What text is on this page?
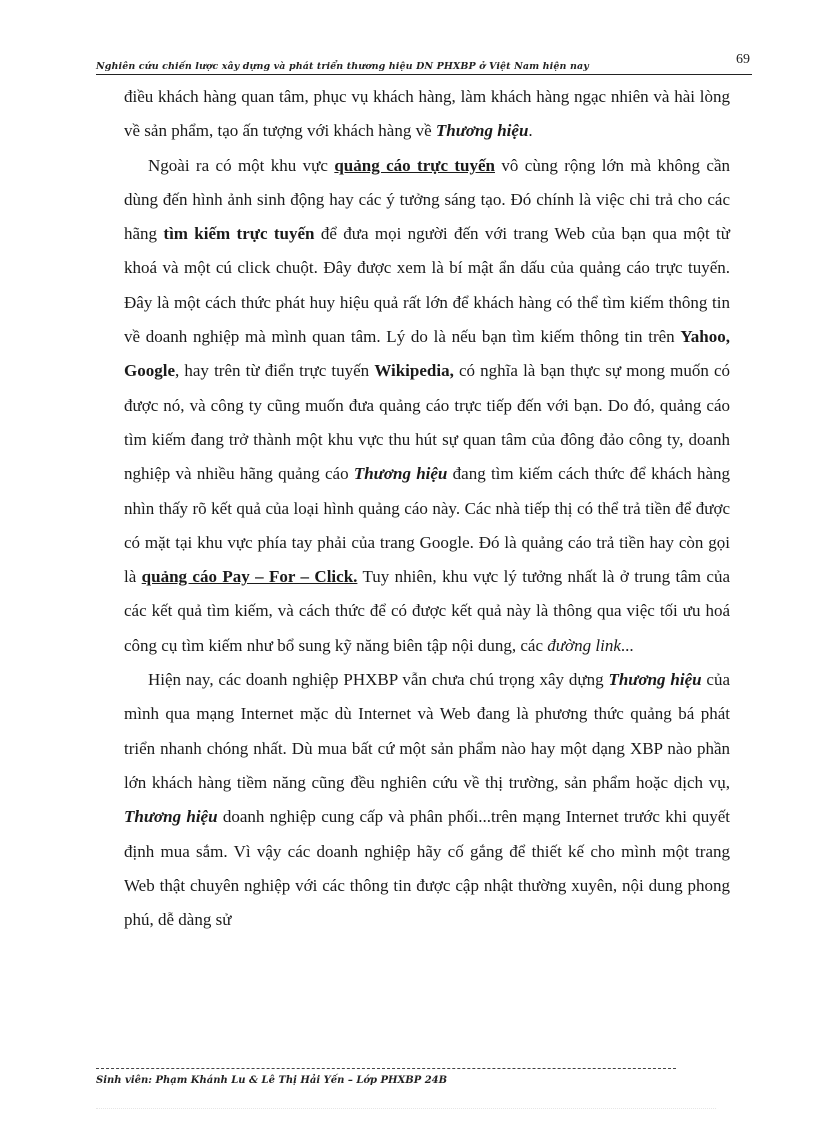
Nghiên cứu chiến lược xây dựng và phát triển thương hiệu DN PHXBP ở Việt Nam hiện nay	69

điều khách hàng quan tâm, phục vụ khách hàng, làm khách hàng ngạc nhiên và hài lòng về sản phẩm, tạo ấn tượng với khách hàng về Thương hiệu.

Ngoài ra có một khu vực quảng cáo trực tuyến vô cùng rộng lớn mà không cần dùng đến hình ảnh sinh động hay các ý tưởng sáng tạo. Đó chính là việc chi trả cho các hãng tìm kiếm trực tuyến để đưa mọi người đến với trang Web của bạn qua một từ khoá và một cú click chuột. Đây được xem là bí mật ẩn dấu của quảng cáo trực tuyến. Đây là một cách thức phát huy hiệu quả rất lớn để khách hàng có thể tìm kiếm thông tin về doanh nghiệp mà mình quan tâm. Lý do là nếu bạn tìm kiếm thông tin trên Yahoo, Google, hay trên từ điển trực tuyến Wikipedia, có nghĩa là bạn thực sự mong muốn có được nó, và công ty cũng muốn đưa quảng cáo trực tiếp đến với bạn. Do đó, quảng cáo tìm kiếm đang trở thành một khu vực thu hút sự quan tâm của đông đảo công ty, doanh nghiệp và nhiều hãng quảng cáo Thương hiệu đang tìm kiếm cách thức để khách hàng nhìn thấy rõ kết quả của loại hình quảng cáo này. Các nhà tiếp thị có thể trả tiền để được có mặt tại khu vực phía tay phải của trang Google. Đó là quảng cáo trả tiền hay còn gọi là quảng cáo Pay – For – Click. Tuy nhiên, khu vực lý tưởng nhất là ở trung tâm của các kết quả tìm kiếm, và cách thức để có được kết quả này là thông qua việc tối ưu hoá công cụ tìm kiếm như bổ sung kỹ năng biên tập nội dung, các đường link...

Hiện nay, các doanh nghiệp PHXBP vẫn chưa chú trọng xây dựng Thương hiệu của mình qua mạng Internet mặc dù Internet và Web đang là phương thức quảng bá phát triển nhanh chóng nhất. Dù mua bất cứ một sản phẩm nào hay một dạng XBP nào phần lớn khách hàng tiềm năng cũng đều nghiên cứu về thị trường, sản phẩm hoặc dịch vụ, Thương hiệu doanh nghiệp cung cấp và phân phối...trên mạng Internet trước khi quyết định mua sắm. Vì vậy các doanh nghiệp hãy cố gắng để thiết kế cho mình một trang Web thật chuyên nghiệp với các thông tin được cập nhật thường xuyên, nội dung phong phú, dễ dàng sử

Sinh viên: Phạm Khánh Lu & Lê Thị Hải Yến – Lớp PHXBP 24B
